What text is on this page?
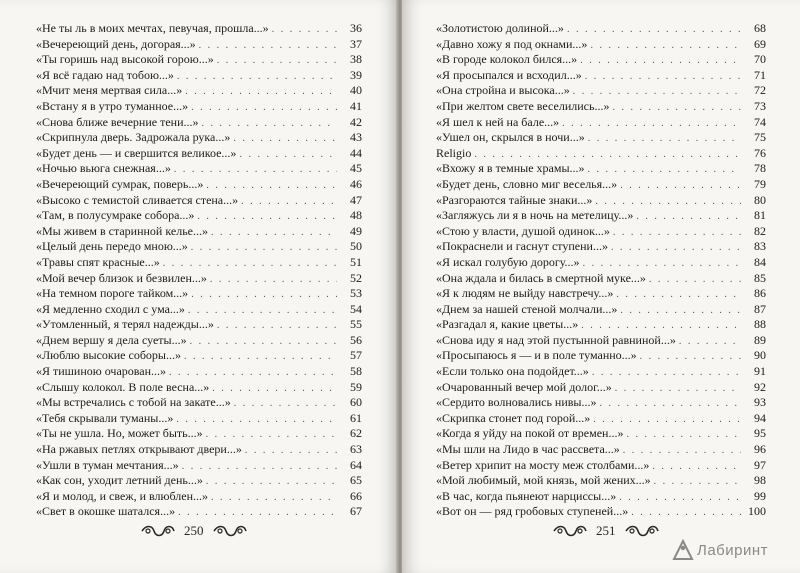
«Не ты ль в моих мечтах, певучая, прошла...» . . .	36
«Вечереющий день, догорая...» . . .	37
«Ты горишь над высокой горою...» . . .	38
«Я всё гадаю над тобою...» . . .	39
«Мчит меня мертвая сила...» . . .	40
«Встану я в утро туманное...» . . .	41
«Снова ближе вечерние тени...» . . .	42
«Скрипнула дверь. Задрожала рука...» . . .	43
«Будет день — и свершится великое...» . . .	44
«Ночью вьюга снежная...» . . .	45
«Вечереющий сумрак, поверь...» . . .	46
«Высоко с темистой сливается стена...» . . .	47
«Там, в полусумраке собора...» . . .	48
«Мы живем в старинной келье...» . . .	49
«Целый день передо мною...» . . .	50
«Травы спят красные...» . . .	51
«Мой вечер близок и безвилен...» . . .	52
«На темном пороге тайком...» . . .	53
«Я медленно сходил с ума...» . . .	54
«Утомленный, я терял надежды...» . . .	55
«Днем вершу я дела суеты...» . . .	56
«Люблю высокие соборы...» . . .	57
«Я тишиною очарован...» . . .	58
«Слышу колокол. В поле весна...» . . .	59
«Мы встречались с тобой на закате...» . . .	60
«Тебя скрывали туманы...» . . .	61
«Ты не ушла. Но, может быть...» . . .	62
«На ржавых петлях открывают двери...» . . .	63
«Ушли в туман мечтания...» . . .	64
«Как сон, уходит летний день...» . . .	65
«Я и молод, и свеж, и влюблен...» . . .	66
«Свет в окошке шатался...» . . .	67
250
«Золотистою долиной...» . . .	68
«Давно хожу я под окнами...» . . .	69
«В городе колокол бился...» . . .	70
«Я просыпался и всходил...» . . .	71
«Она стройна и высока...» . . .	72
«При желтом свете веселились...» . . .	73
«Я шел к ней на бале...» . . .	74
«Ушел он, скрылся в ночи...» . . .	75
Religio . . .	76
«Вхожу я в темные храмы...» . . .	78
«Будет день, словно миг веселья...» . . .	79
«Разгораются тайные знаки...» . . .	80
«Загляжусь ли я в ночь на метелицу...» . . .	81
«Стою у власти, душой одинок...» . . .	82
«Покраснели и гаснут ступени...» . . .	83
«Я искал голубую дорогу...» . . .	84
«Она ждала и билась в смертной муке...» . . .	85
«Я к людям не выйду навстречу...» . . .	86
«Днем за нашей стеной молчали...» . . .	87
«Разгадал я, какие цветы...» . . .	88
«Снова иду я над этой пустынной равниной...» . . .	89
«Просыпаюсь я — и в поле туманно...» . . .	90
«Если только она подойдет...» . . .	91
«Очарованный вечер мой долог...» . . .	92
«Сердито волновались нивы...» . . .	93
«Скрипка стонет под горой...» . . .	94
«Когда я уйду на покой от времен...» . . .	95
«Мы шли на Лидо в час рассвета...» . . .	96
«Ветер хрипит на мосту меж столбами...» . . .	97
«Мой любимый, мой князь, мой жених...» . . .	98
«В час, когда пьянеют нарциссы...» . . .	99
«Вот он — ряд гробовых ступеней...» . . .	100
251
Лабиринт
